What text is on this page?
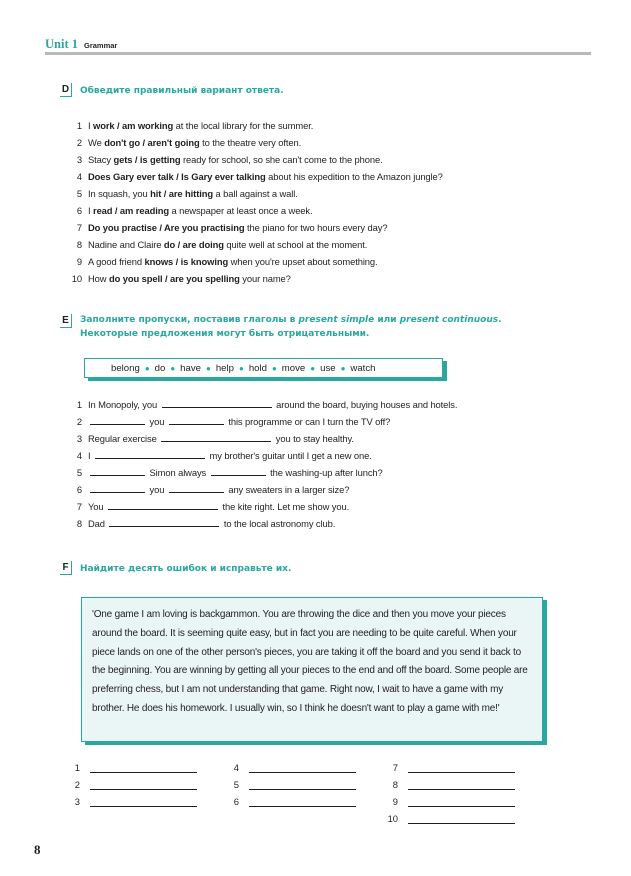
Unit 1 Grammar
D	Обведите правильный вариант ответа.
1 I work / am working at the local library for the summer.
2 We don't go / aren't going to the theatre very often.
3 Stacy gets / is getting ready for school, so she can't come to the phone.
4 Does Gary ever talk / Is Gary ever talking about his expedition to the Amazon jungle?
5 In squash, you hit / are hitting a ball against a wall.
6 I read / am reading a newspaper at least once a week.
7 Do you practise / Are you practising the piano for two hours every day?
8 Nadine and Claire do / are doing quite well at school at the moment.
9 A good friend knows / is knowing when you're upset about something.
10 How do you spell / are you spelling your name?
E	Заполните пропуски, поставив глаголы в present simple или present continuous.
Некоторые предложения могут быть отрицательными.
belong ● do ● have ● help ● hold ● move ● use ● watch
1 In Monopoly, you	around the board, buying houses and hotels.
2	you	this programme or can I turn the TV off?
3 Regular exercise	you to stay healthy.
4 I	my brother's guitar until I get a new one.
5	Simon always	the washing-up after lunch?
6	you	any sweaters in a larger size?
7 You	the kite right. Let me show you.
8 Dad	to the local astronomy club.
F	Найдите десять ошибок и исправьте их.
'One game I am loving is backgammon. You are throwing the dice and then you move your pieces around the board. It is seeming quite easy, but in fact you are needing to be quite careful. When your piece lands on one of the other person's pieces, you are taking it off the board and you send it back to the beginning. You are winning by getting all your pieces to the end and off the board. Some people are preferring chess, but I am not understanding that game. Right now, I wait to have a game with my brother. He does his homework. I usually win, so I think he doesn't want to play a game with me!'
1
2
3
4
5
6
7
8
9
10
8
